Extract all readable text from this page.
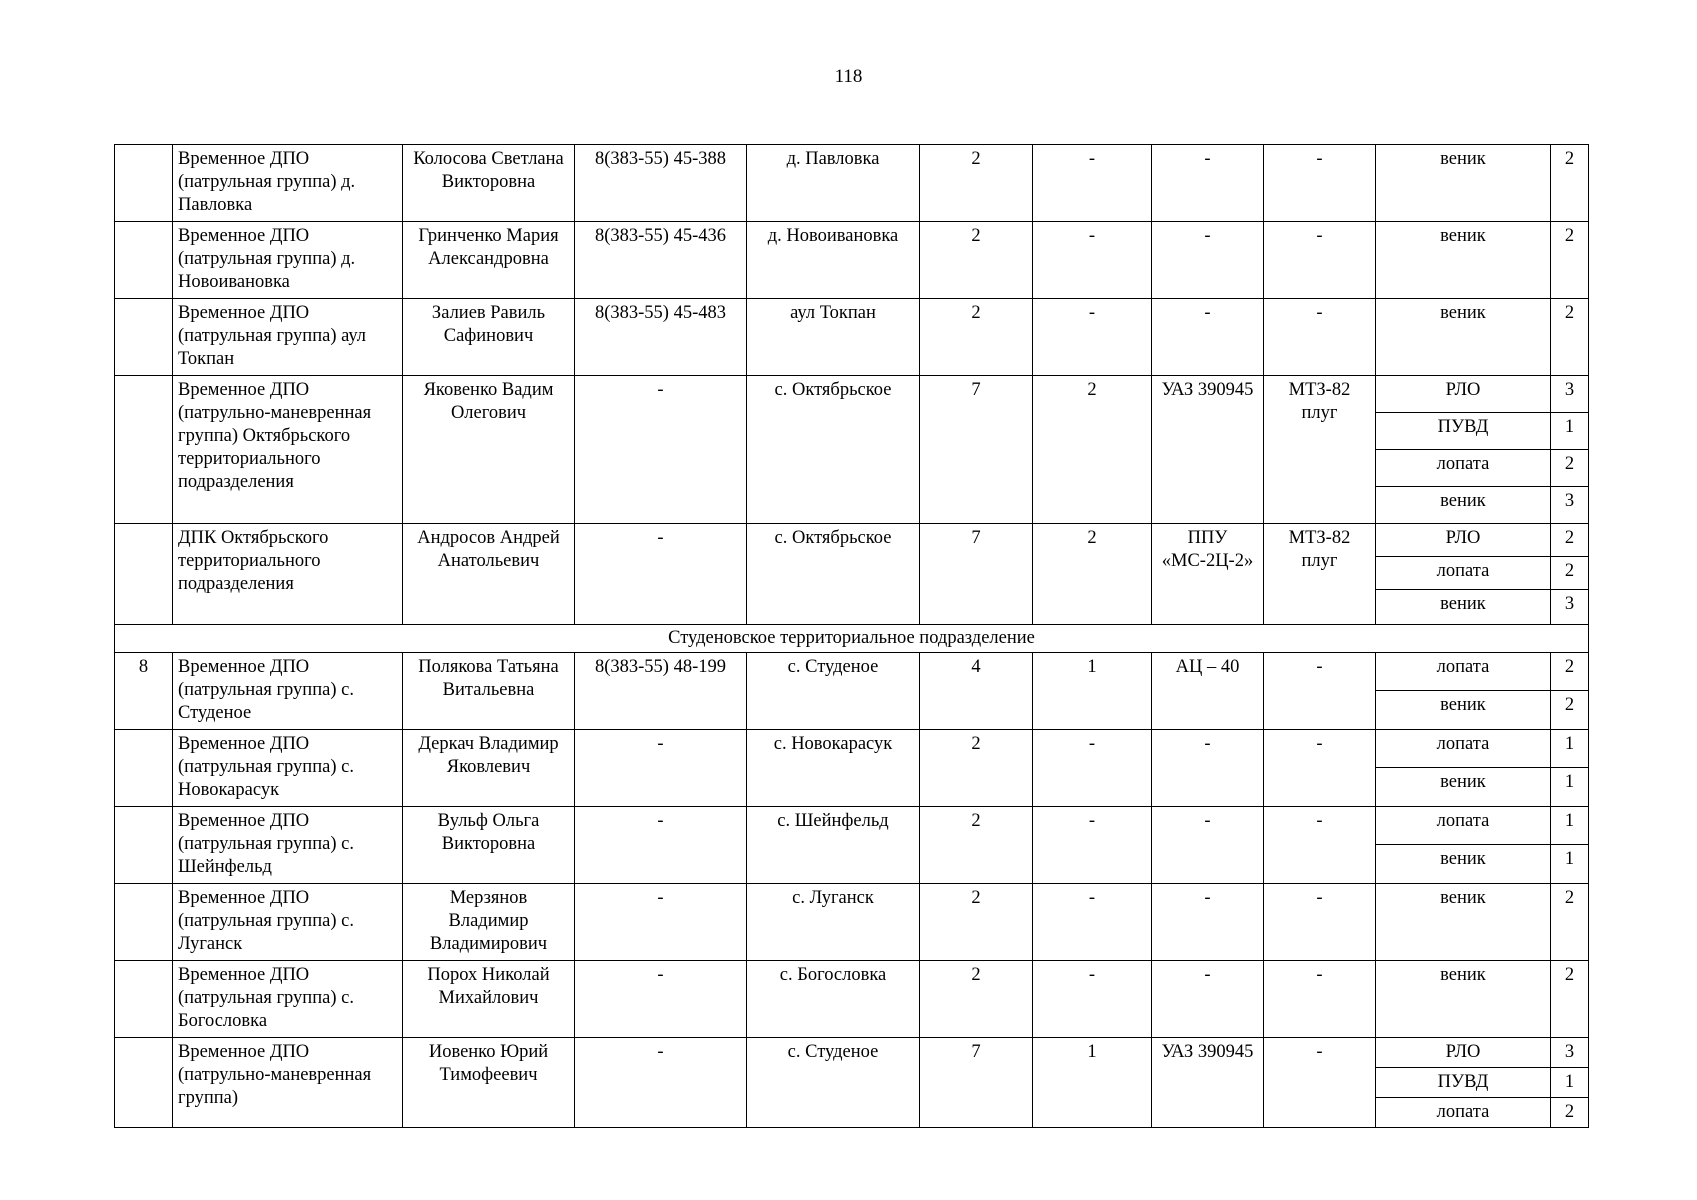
118
	Временное ДПО (патрульная группа) д. Павловка	Колосова Светлана Викторовна	8(383-55) 45-388	д. Павловка	2	-	-	-	веник	2
	Временное ДПО (патрульная группа) д. Новоивановка	Гринченко Мария Александровна	8(383-55) 45-436	д. Новоивановка	2	-	-	-	веник	2
	Временное ДПО (патрульная группа) аул Токпан	Залиев Равиль Сафинович	8(383-55) 45-483	аул Токпан	2	-	-	-	веник	2
	Временное ДПО (патрульно-маневренная группа) Октябрьского территориального подразделения	Яковенко Вадим Олегович	-	с. Октябрьское	7	2	УАЗ 390945	МТЗ-82 плуг	РЛО	3
									ПУВД	1
									лопата	2
									веник	3
	ДПК Октябрьского территориального подразделения	Андросов Андрей Анатольевич	-	с. Октябрьское	7	2	ППУ «МС-2Ц-2»	МТЗ-82 плуг	РЛО	2
									лопата	2
									веник	3
Студеновское территориальное подразделение										
8	Временное ДПО (патрульная группа) с. Студеное	Полякова Татьяна Витальевна	8(383-55) 48-199	с. Студеное	4	1	АЦ – 40	-	лопата	2
									веник	2
	Временное ДПО (патрульная группа) с. Новокарасук	Деркач Владимир Яковлевич	-	с. Новокарасук	2	-	-	-	лопата	1
									веник	1
	Временное ДПО (патрульная группа) с. Шейнфельд	Вульф Ольга Викторовна	-	с. Шейнфельд	2	-	-	-	лопата	1
									веник	1
	Временное ДПО (патрульная группа) с. Луганск	Мерзянов Владимир Владимирович	-	с. Луганск	2	-	-	-	веник	2
	Временное ДПО (патрульная группа) с. Богословка	Порох Николай Михайлович	-	с. Богословка	2	-	-	-	веник	2
	Временное ДПО (патрульно-маневренная группа)	Иовенко Юрий Тимофеевич	-	с. Студеное	7	1	УАЗ 390945	-	РЛО	3
									ПУВД	1
									лопата	2
